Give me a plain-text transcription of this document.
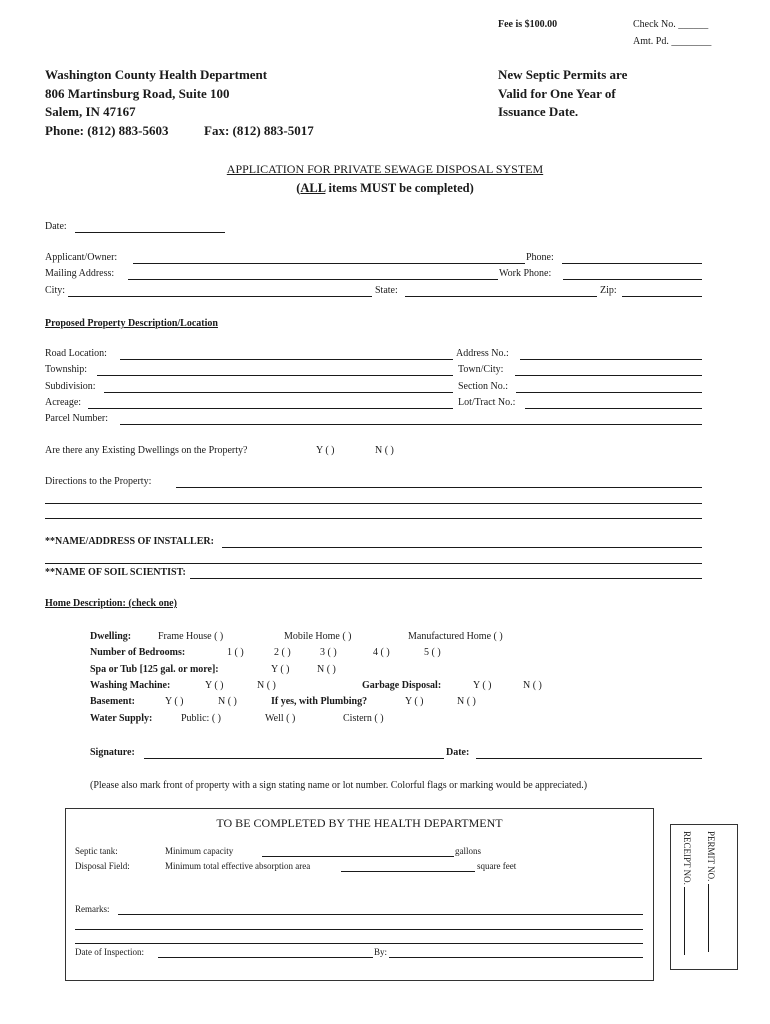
Fee is $100.00	Check No. ______
Amt. Pd. ________
Washington County Health Department
806 Martinsburg Road, Suite 100
Salem, IN 47167
Phone: (812) 883-5603	Fax: (812) 883-5017
New Septic Permits are
Valid for One Year of
Issuance Date.
APPLICATION FOR PRIVATE SEWAGE DISPOSAL SYSTEM
(ALL items MUST be completed)
Date:
Applicant/Owner:	Phone:
Mailing Address:	Work Phone:
City:	State:	Zip:
Proposed Property Description/Location
Road Location:	Address No.:
Township:	Town/City:
Subdivision:	Section No.:
Acreage:	Lot/Tract No.:
Parcel Number:
Are there any Existing Dwellings on the Property?	Y ( )	N ( )
Directions to the Property:
**NAME/ADDRESS OF INSTALLER:
**NAME OF SOIL SCIENTIST:
Home Description: (check one)
Dwelling:	Frame House ( )	Mobile Home ( )	Manufactured Home ( )
Number of Bedrooms:	1 ( )	2 ( )	3 ( )	4 ( )	5 ( )
Spa or Tub [125 gal. or more]:	Y ( )	N ( )
Washing Machine:	Y ( )	N ( )	Garbage Disposal:	Y ( )	N ( )
Basement:	Y ( )	N ( )	If yes, with Plumbing?	Y ( )	N ( )
Water Supply:	Public: ( )	Well ( )	Cistern ( )
Signature:	Date:
(Please also mark front of property with a sign stating name or lot number. Colorful flags or marking would be appreciated.)
TO BE COMPLETED BY THE HEALTH DEPARTMENT
Septic tank:	Minimum capacity	gallons
Disposal Field:	Minimum total effective absorption area	square feet
Remarks:
Date of Inspection:	By:
PERMIT NO.
RECEIPT NO.
